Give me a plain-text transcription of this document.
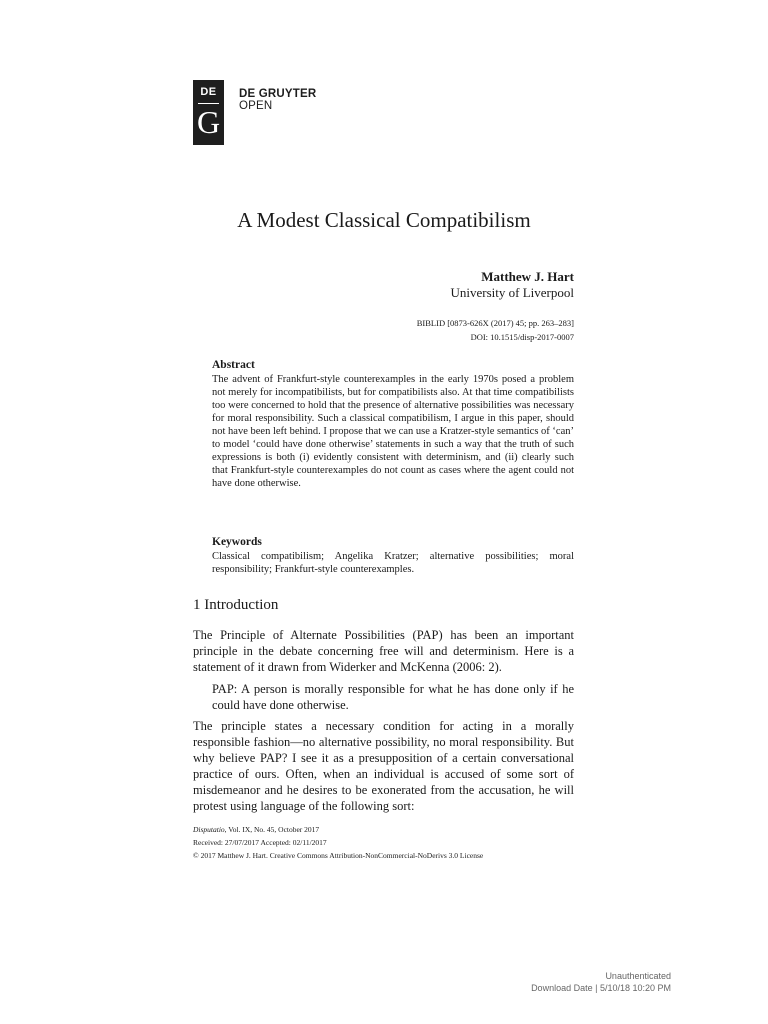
DE
G
DE GRUYTER
OPEN
A Modest Classical Compatibilism
Matthew J. Hart
University of Liverpool
BIBLID [0873-626X (2017) 45; pp. 263–283]
DOI: 10.1515/disp-2017-0007
Abstract
The advent of Frankfurt-style counterexamples in the early 1970s posed a problem not merely for incompatibilists, but for compatibilists also. At that time compatibilists too were concerned to hold that the presence of alternative possibilities was necessary for moral responsibility. Such a classical compatibilism, I argue in this paper, should not have been left behind. I propose that we can use a Kratzer-style semantics of ‘can’ to model ‘could have done otherwise’ statements in such a way that the truth of such expressions is both (i) evidently consistent with determinism, and (ii) clearly such that Frankfurt-style counterexamples do not count as cases where the agent could not have done otherwise.
Keywords
Classical compatibilism; Angelika Kratzer; alternative possibilities; moral responsibility; Frankfurt-style counterexamples.
1 Introduction
The Principle of Alternate Possibilities (PAP) has been an important principle in the debate concerning free will and determinism. Here is a statement of it drawn from Widerker and McKenna (2006: 2).
PAP: A person is morally responsible for what he has done only if he could have done otherwise.
The principle states a necessary condition for acting in a morally responsible fashion—no alternative possibility, no moral responsibility. But why believe PAP? I see it as a presupposition of a certain conversational practice of ours. Often, when an individual is accused of some sort of misdemeanor and he desires to be exonerated from the accusation, he will protest using language of the following sort:
Disputatio, Vol. IX, No. 45, October 2017
Received: 27/07/2017 Accepted: 02/11/2017
© 2017 Matthew J. Hart. Creative Commons Attribution-NonCommercial-NoDerivs 3.0 License
Unauthenticated
Download Date | 5/10/18 10:20 PM
